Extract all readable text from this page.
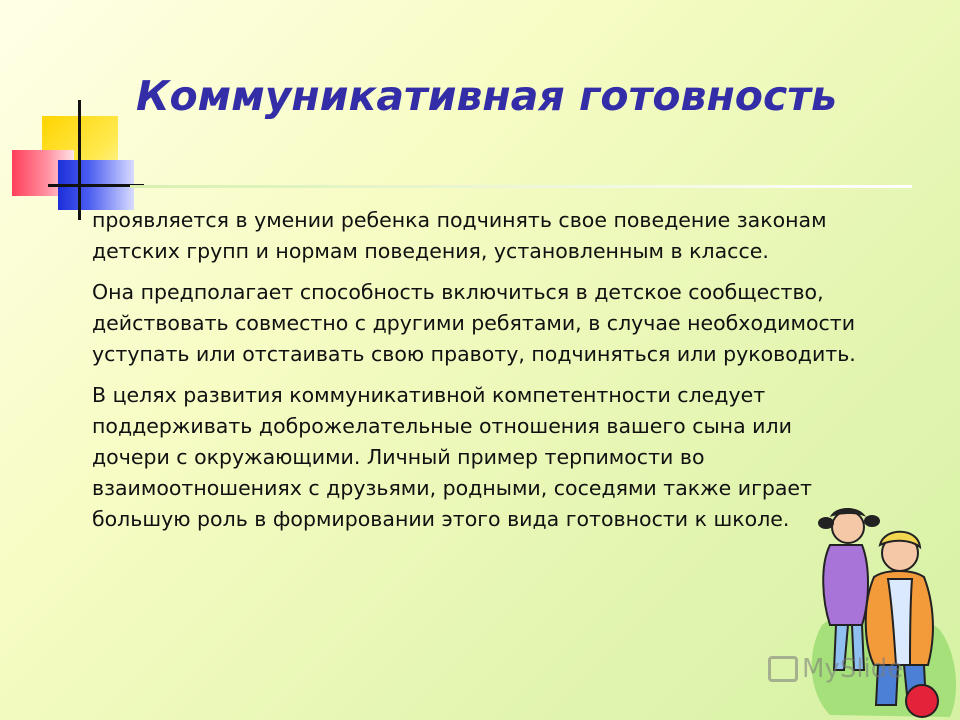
Коммуникативная готовность

проявляется в умении ребенка подчинять свое поведение законам детских групп и нормам поведения, установленным в классе.

Она предполагает способность включиться в детское сообщество, действовать совместно с другими ребятами, в случае необходимости уступать или отстаивать свою правоту, подчиняться или руководить.

В целях развития коммуникативной компетентности следует поддерживать доброжелательные отношения вашего сына или дочери с окружающими. Личный пример терпимости во взаимоотношениях с друзьями, родными, соседями также играет большую роль в формировании этого вида готовности к школе.

MySlide
